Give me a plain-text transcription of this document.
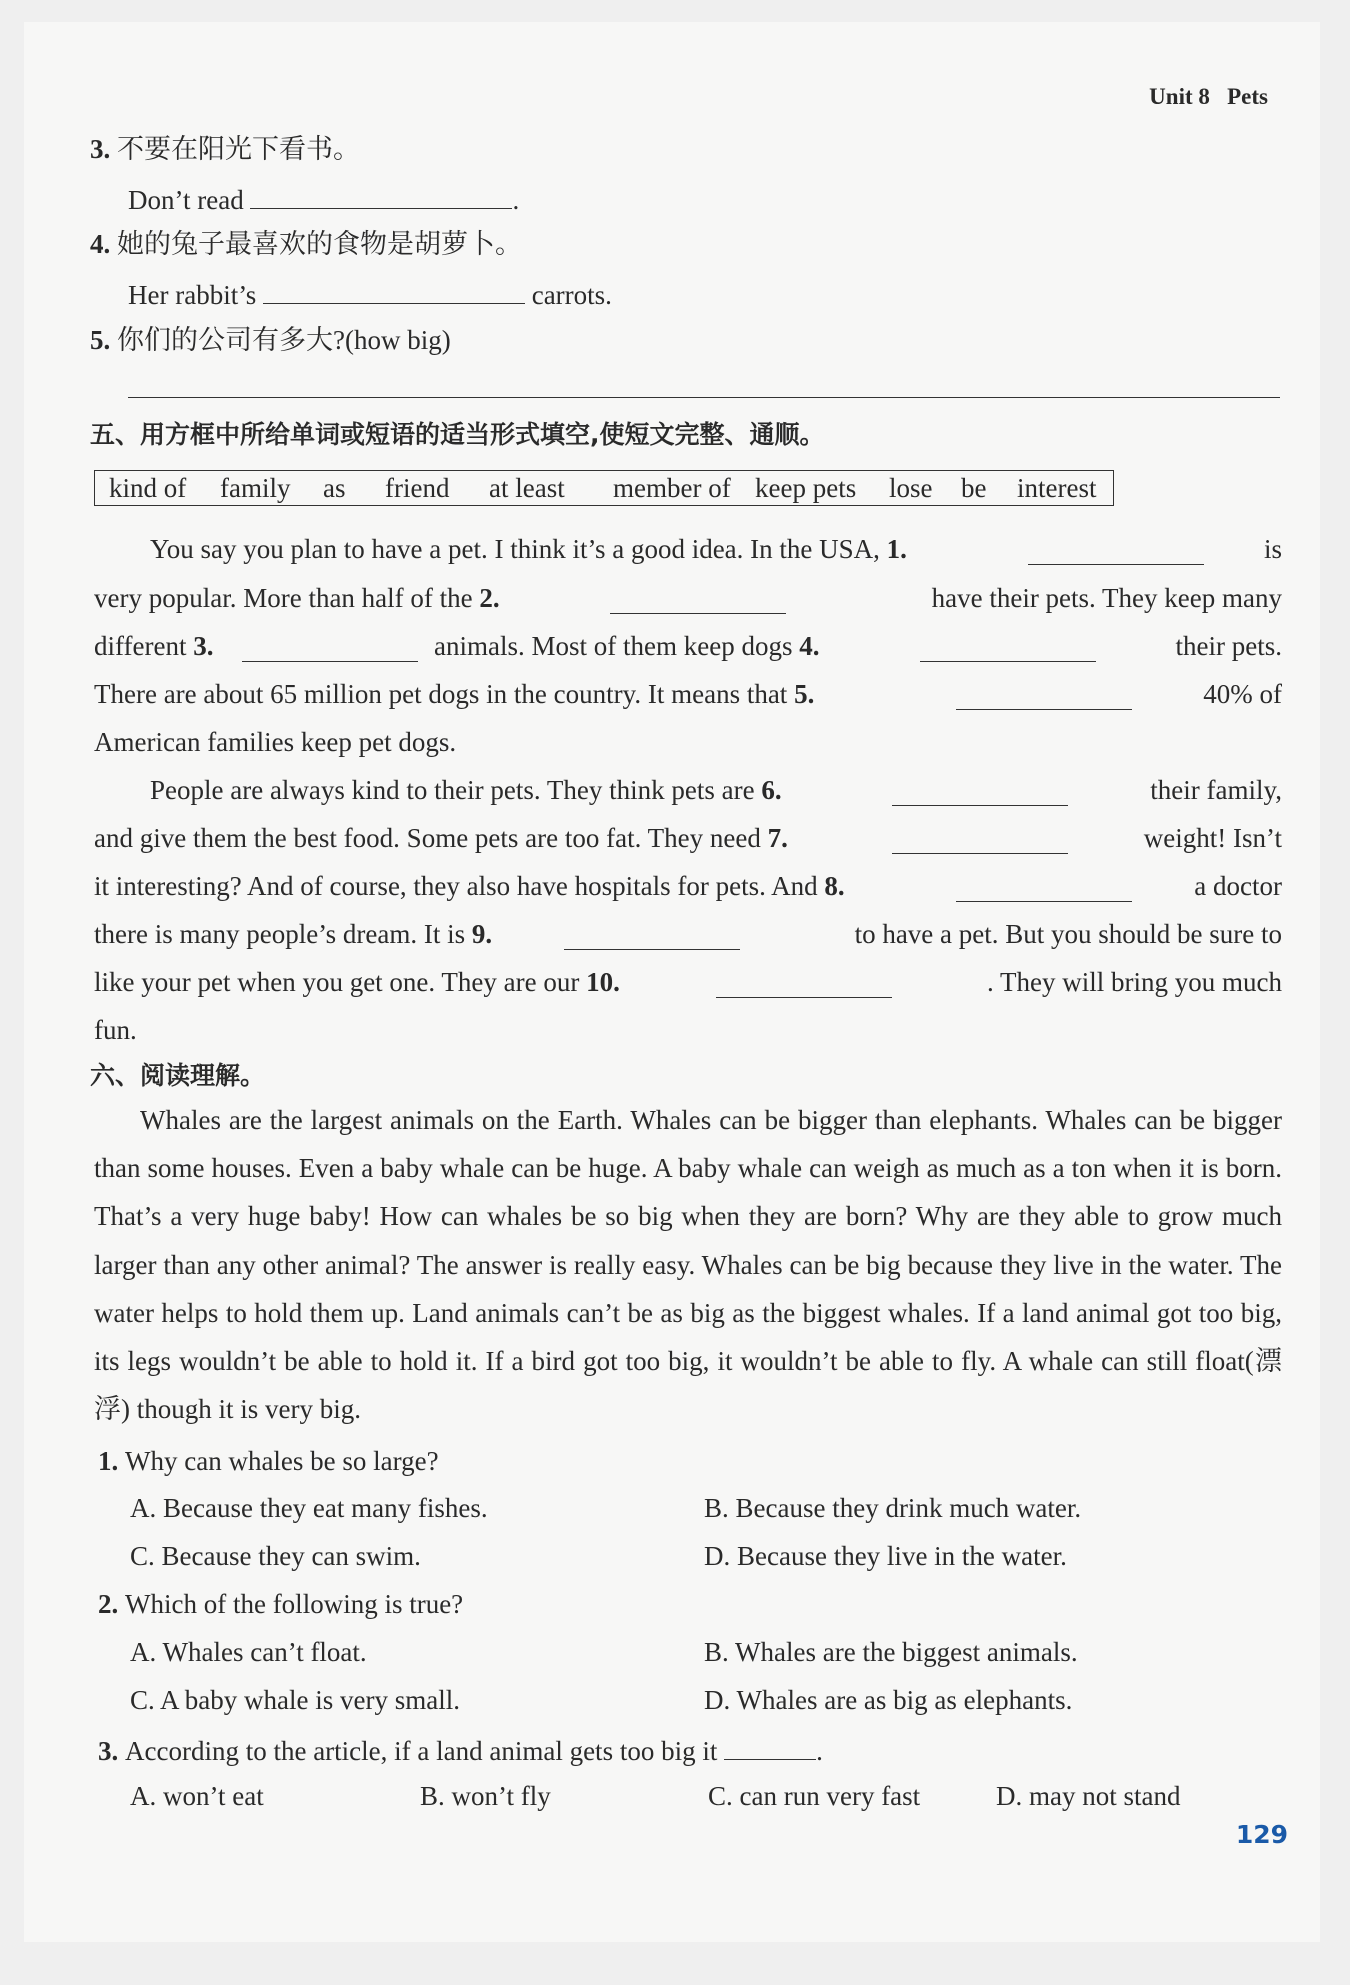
Unit 8 Pets
3. 不要在阳光下看书。
Don’t read	.
4. 她的兔子最喜欢的食物是胡萝卜。
Her rabbit’s	carrots.
5. 你们的公司有多大?(how big)
五、用方框中所给单词或短语的适当形式填空,使短文完整、通顺。
kind of family as friend at least member of keep pets lose be interest
You say you plan to have a pet. I think it’s a good idea. In the USA, 1.	is
very popular. More than half of the 2.	have their pets. They keep many
different 3.	animals. Most of them keep dogs 4.	their pets.
There are about 65 million pet dogs in the country. It means that 5.	40% of
American families keep pet dogs.
People are always kind to their pets. They think pets are 6.	their family,
and give them the best food. Some pets are too fat. They need 7.	weight! Isn’t
it interesting? And of course, they also have hospitals for pets. And 8.	a doctor
there is many people’s dream. It is 9.	to have a pet. But you should be sure to
like your pet when you get one. They are our 10.	. They will bring you much
fun.
六、阅读理解。
Whales are the largest animals on the Earth. Whales can be bigger than elephants. Whales can be bigger than some houses. Even a baby whale can be huge. A baby whale can weigh as much as a ton when it is born. That’s a very huge baby! How can whales be so big when they are born? Why are they able to grow much larger than any other animal? The answer is really easy. Whales can be big because they live in the water. The water helps to hold them up. Land animals can’t be as big as the biggest whales. If a land animal got too big, its legs wouldn’t be able to hold it. If a bird got too big, it wouldn’t be able to fly. A whale can still float(漂浮) though it is very big.
1. Why can whales be so large?
A. Because they eat many fishes.	B. Because they drink much water.
C. Because they can swim.	D. Because they live in the water.
2. Which of the following is true?
A. Whales can’t float.	B. Whales are the biggest animals.
C. A baby whale is very small.	D. Whales are as big as elephants.
3. According to the article, if a land animal gets too big it	.
A. won’t eat	B. won’t fly	C. can run very fast	D. may not stand
129
